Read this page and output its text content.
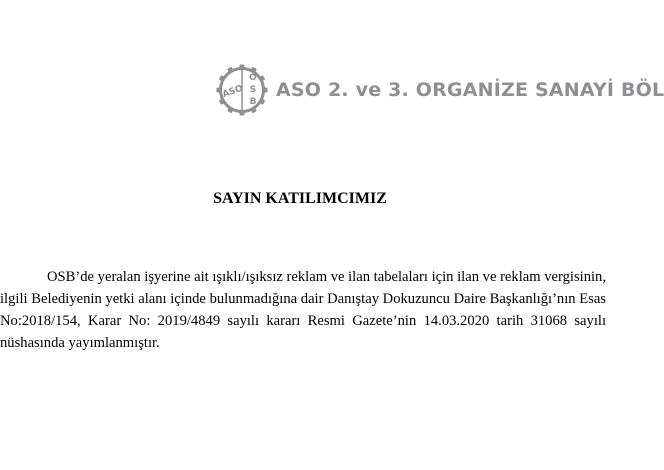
ASO
O
S
B
ASO 2. ve 3. ORGANİZE SANAYİ BÖL
SAYIN KATILIMCIMIZ

OSB’de yeralan işyerine ait ışıklı/ışıksız reklam ve ilan tabelaları için ilan ve reklam vergisinin, ilgili Belediyenin yetki alanı içinde bulunmadığına dair Danıştay Dokuzuncu Daire Başkanlığı’nın Esas No:2018/154, Karar No: 2019/4849 sayılı kararı Resmi Gazete’nin 14.03.2020 tarih 31068 sayılı nüshasında yayımlanmıştır.
